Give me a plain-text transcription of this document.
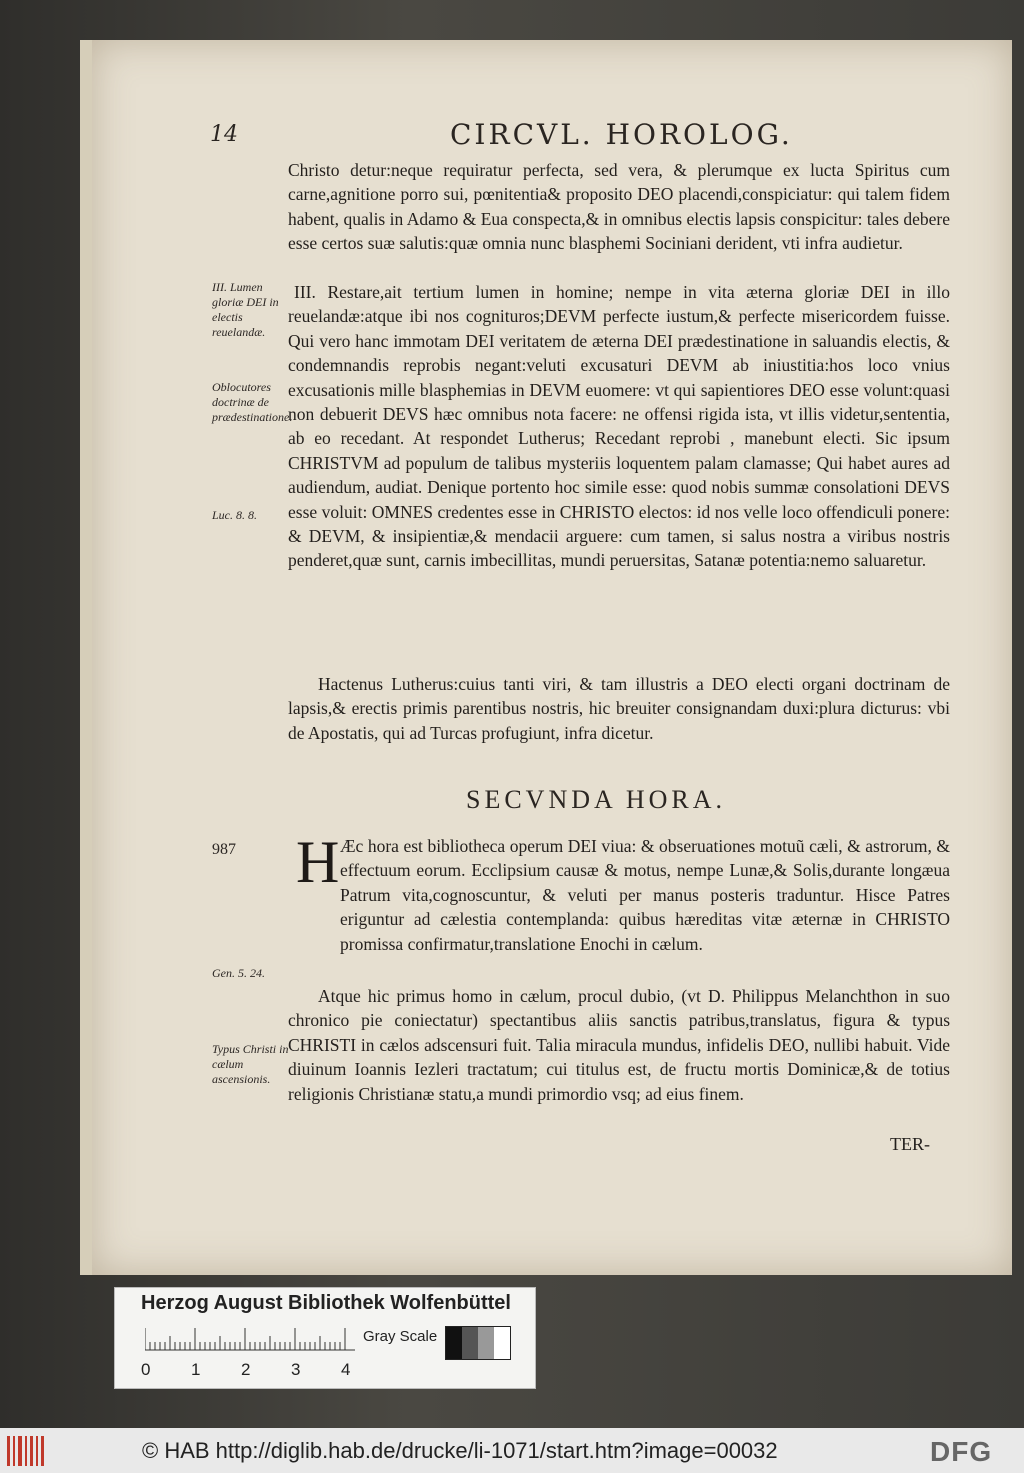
14	CIRCVL. HOROLOG.

Christo detur:neque requiratur perfecta, sed vera, & plerumque ex lucta Spiritus cum carne,agnitione porro sui, pœnitentia& proposito DEO placendi,conspiciatur: qui talem fidem habent, qualis in Adamo & Eua conspecta,& in omnibus electis lapsis conspicitur: tales debere esse certos suæ salutis:quæ omnia nunc blasphemi Sociniani derident, vti infra audietur.

III. Restare,ait tertium lumen in homine; nempe in vita æterna gloriæ DEI in illo reuelandæ:atque ibi nos cognituros;DEVM perfecte iustum,& perfecte misericordem fuisse. Qui vero hanc immotam DEI veritatem de æterna DEI prædestinatione in saluandis electis, & condemnandis reprobis negant:veluti excusaturi DEVM ab iniustitia:hos loco vnius excusationis mille blasphemias in DEVM euomere: vt qui sapientiores DEO esse volunt:quasi non debuerit DEVS hæc omnibus nota facere: ne offensi rigida ista, vt illis videtur,sententia, ab eo recedant. At respondet Lutherus; Recedant reprobi , manebunt electi. Sic ipsum CHRISTVM ad populum de talibus mysteriis loquentem palam clamasse; Qui habet aures ad audiendum, audiat. Denique portento hoc simile esse: quod nobis summæ consolationi DEVS esse voluit: OMNES credentes esse in CHRISTO electos: id nos velle loco offendiculi ponere: & DEVM, & insipientiæ,& mendacii arguere: cum tamen, si salus nostra a viribus nostris penderet,quæ sunt, carnis imbecillitas, mundi peruersitas, Satanæ potentia:nemo saluaretur.

Hactenus Lutherus:cuius tanti viri, & tam illustris a DEO electi organi doctrinam de lapsis,& erectis primis parentibus nostris, hic breuiter consignandam duxi:plura dicturus: vbi de Apostatis, qui ad Turcas profugiunt, infra dicetur.

SECVNDA HORA.
H Æc hora est bibliotheca operum DEI viua: & obseruationes motuũ cæli, & astrorum, & effectuum eorum. Ecclipsium causæ & motus, nempe Lunæ,& Solis,durante longæua Patrum vita,cognoscuntur, & veluti per manus posteris traduntur. Hisce Patres eriguntur ad cælestia contemplanda: quibus hæreditas vitæ æternæ in CHRISTO promissa confirmatur,translatione Enochi in cælum.

Atque hic primus homo in cælum, procul dubio, (vt D. Philippus Melanchthon in suo chronico pie coniectatur) spectantibus aliis sanctis patribus,translatus, figura & typus CHRISTI in cælos adscensuri fuit. Talia miracula mundus, infidelis DEO, nullibi habuit. Vide diuinum Ioannis Iezleri tractatum; cui titulus est, de fructu mortis Dominicæ,& de totius religionis Christianæ statu,a mundi primordio vsq; ad eius finem.

TER-
III. Lumen gloriæ DEI in electis reuelandæ.
Oblocutores doctrinæ de prædestinatione.
Luc. 8. 8.
987
Gen. 5. 24.
Typus Christi in cælum ascensionis.
Herzog August Bibliothek Wolfenbüttel
Gray Scale
0 1 2 3 4
© HAB http://diglib.hab.de/drucke/li-1071/start.htm?image=00032	DFG
